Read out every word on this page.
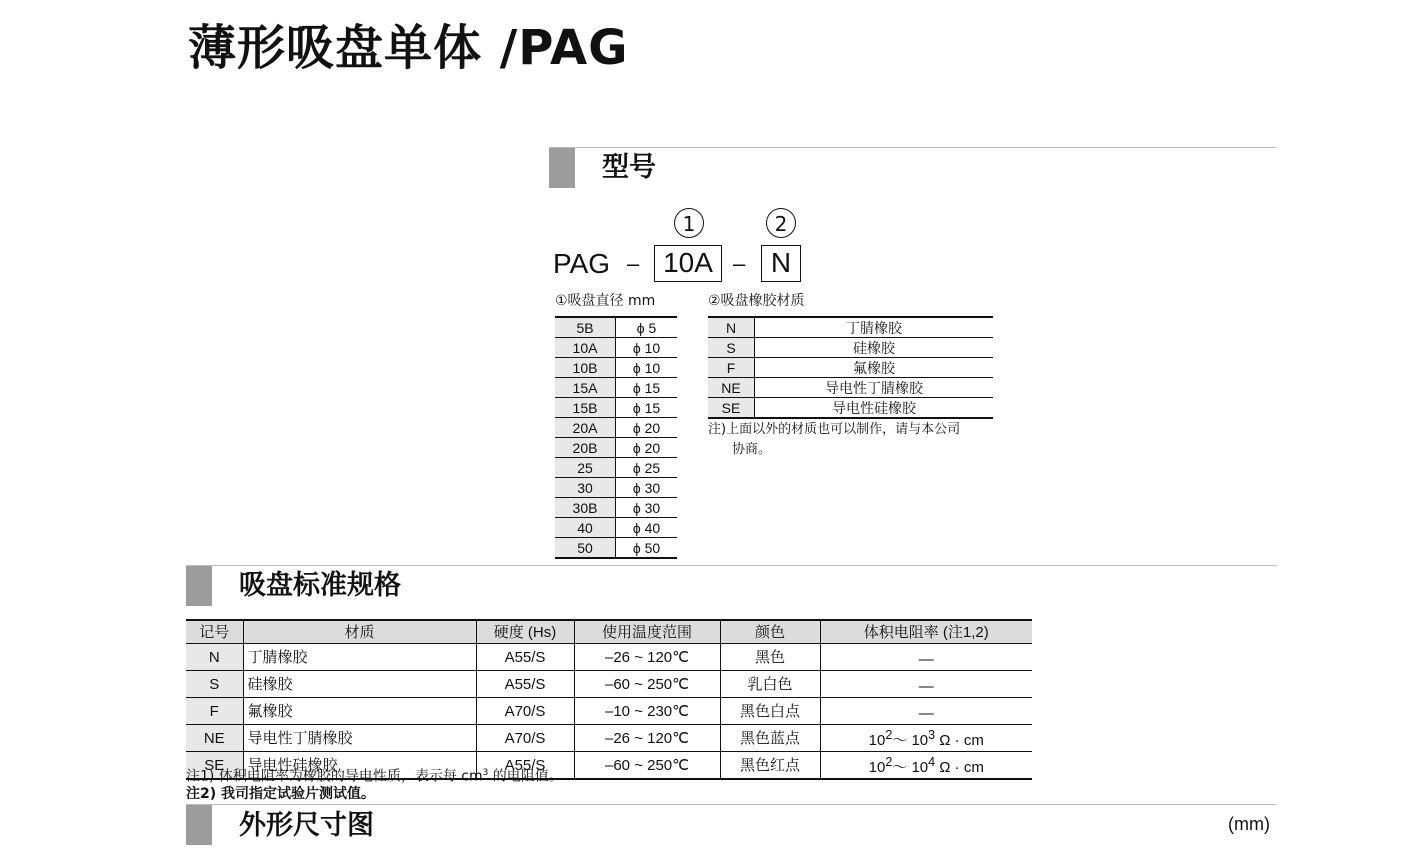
薄形吸盘单体 /PAG
型号
1	2
PAG – 10A – N
①吸盘直径 mm	②吸盘橡胶材质
5B	ϕ 5
10A	ϕ 10
10B	ϕ 10
15A	ϕ 15
15B	ϕ 15
20A	ϕ 20
20B	ϕ 20
25	ϕ 25
30	ϕ 30
30B	ϕ 30
40	ϕ 40
50	ϕ 50
N	丁腈橡胶
S	硅橡胶
F	氟橡胶
NE	导电性丁腈橡胶
SE	导电性硅橡胶
注)上面以外的材质也可以制作，请与本公司
协商。
吸盘标准规格
记号	材质	硬度 (Hs)	使用温度范围	颜色	体积电阻率 (注1,2)
N	丁腈橡胶	A55/S	–26 ~ 120℃	黑色	—
S	硅橡胶	A55/S	–60 ~ 250℃	乳白色	—
F	氟橡胶	A70/S	–10 ~ 230℃	黑色白点	—
NE	导电性丁腈橡胶	A70/S	–26 ~ 120℃	黑色蓝点	$10^2\sim$ $10^3$ Ω · cm
SE	导电性硅橡胶	A55/S	–60 ~ 250℃	黑色红点	$10^2\sim$ $10^4$ Ω · cm
注1) 体积电阻率为橡胶的导电性质，表示每 $cm^3$ 的电阻值。
注2) 我司指定试验片测试值。
外形尺寸图	(mm)
